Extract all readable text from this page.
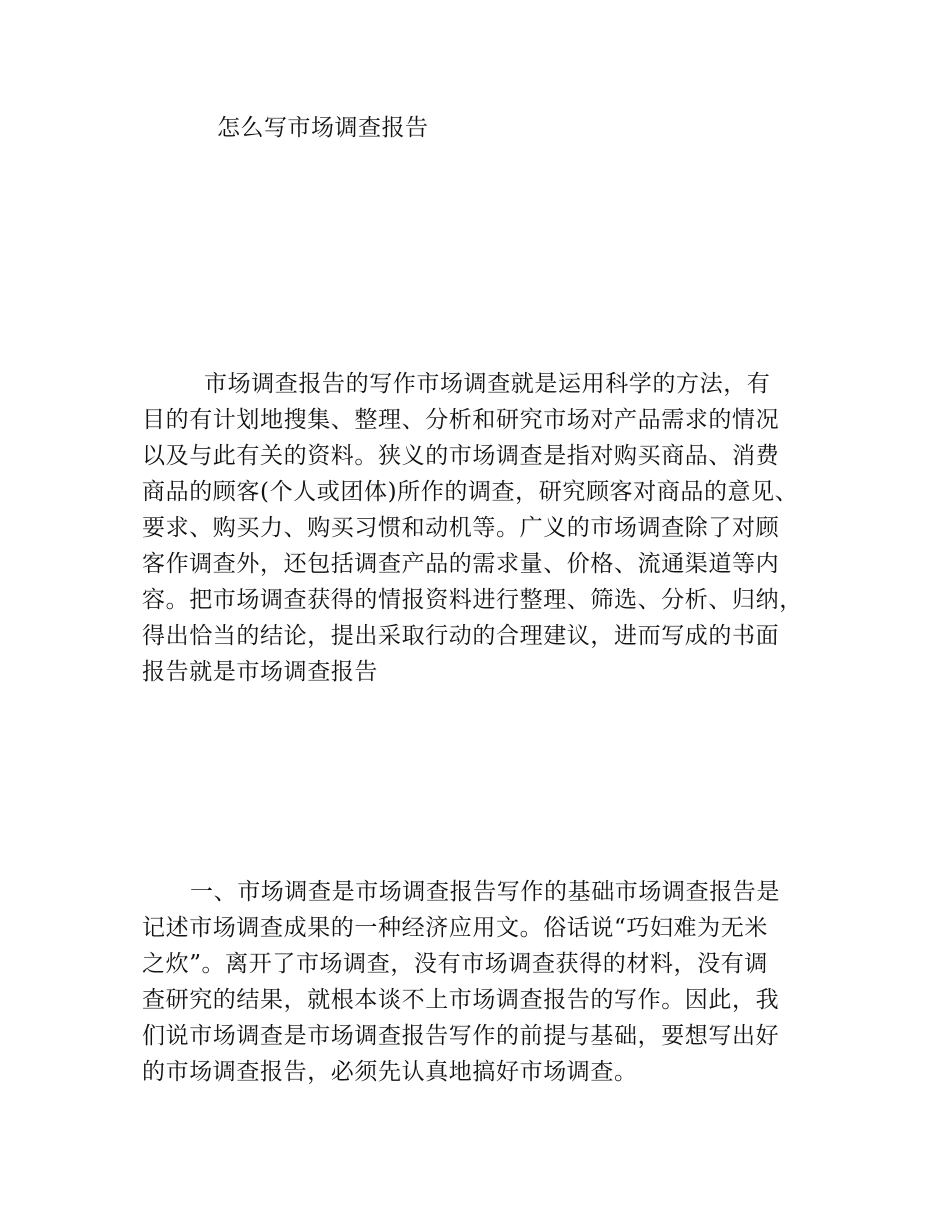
怎么写市场调查报告
市场调查报告的写作市场调查就是运用科学的方法，有
目的有计划地搜集、整理、分析和研究市场对产品需求的情况
以及与此有关的资料。狭义的市场调查是指对购买商品、消费
商品的顾客(个人或团体)所作的调查，研究顾客对商品的意见、
要求、购买力、购买习惯和动机等。广义的市场调查除了对顾
客作调查外，还包括调查产品的需求量、价格、流通渠道等内
容。把市场调查获得的情报资料进行整理、筛选、分析、归纳，
得出恰当的结论，提出采取行动的合理建议，进而写成的书面
报告就是市场调查报告
一、市场调查是市场调查报告写作的基础市场调查报告是
记述市场调查成果的一种经济应用文。俗话说“巧妇难为无米
之炊”。离开了市场调查，没有市场调查获得的材料，没有调
查研究的结果，就根本谈不上市场调查报告的写作。因此，我
们说市场调查是市场调查报告写作的前提与基础，要想写出好
的市场调查报告，必须先认真地搞好市场调查。
